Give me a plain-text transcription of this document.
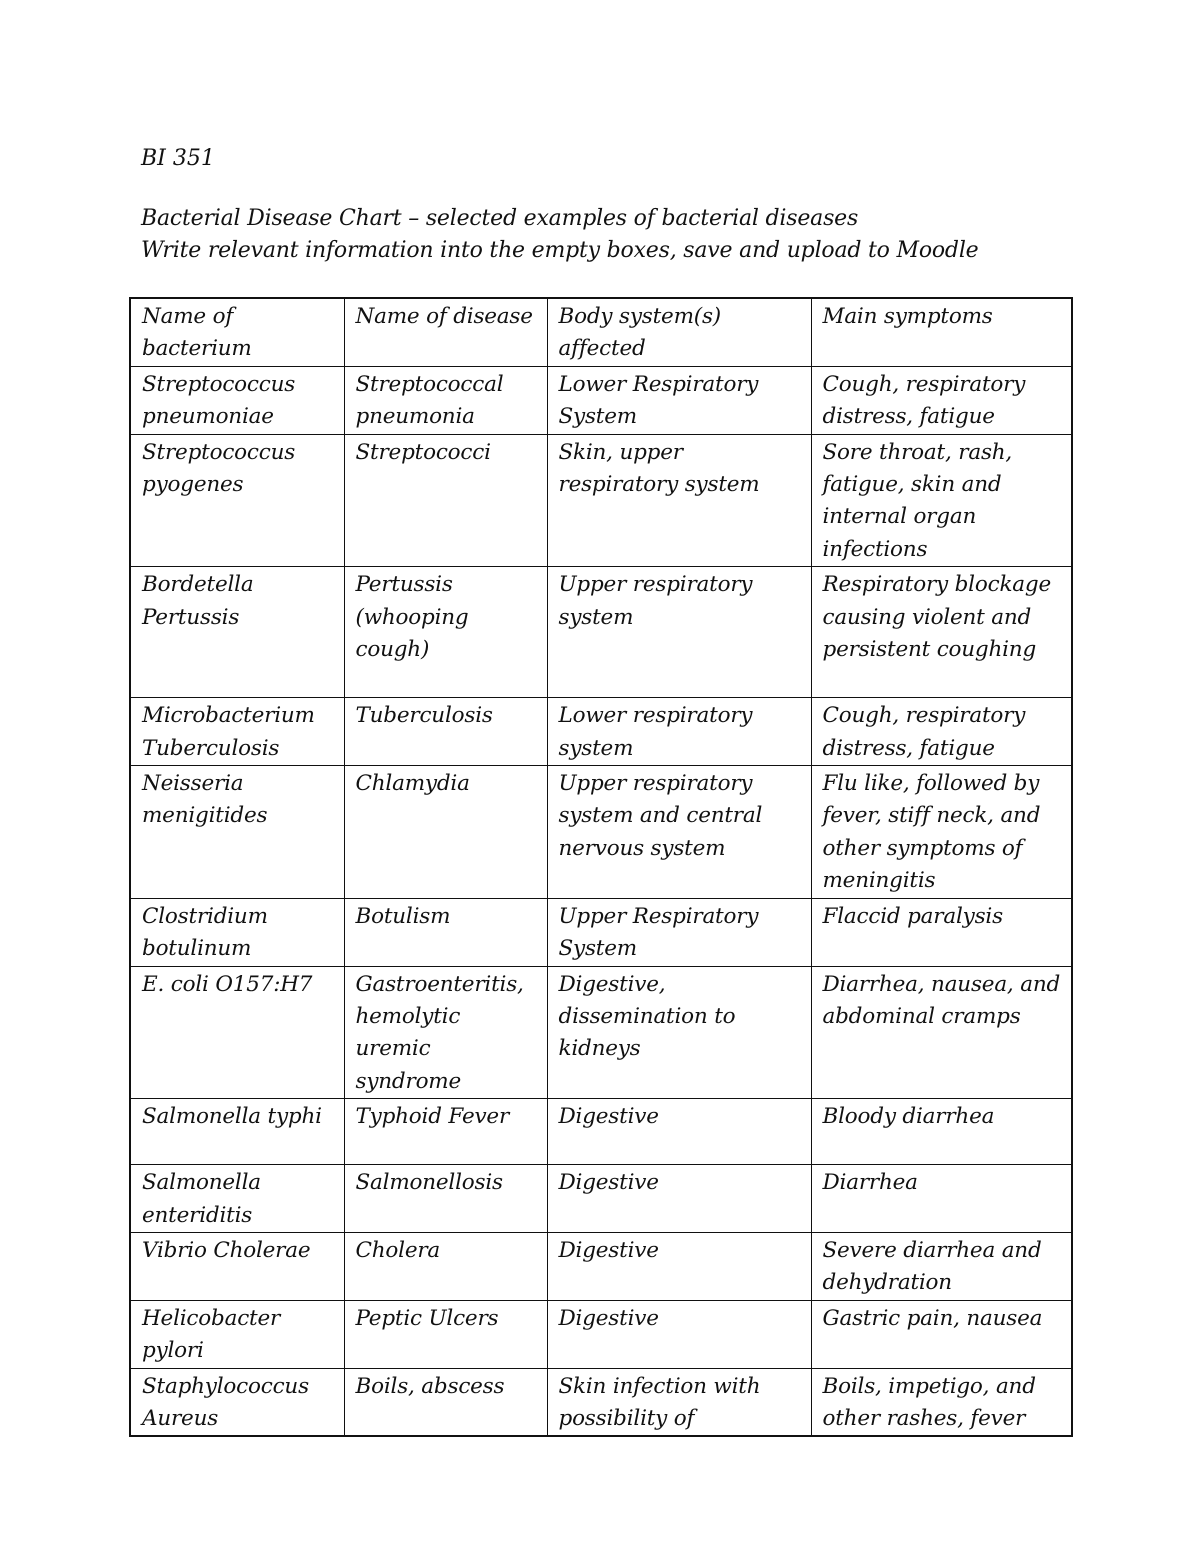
BI 351
Bacterial Disease Chart – selected examples of bacterial diseases
Write relevant information into the empty boxes, save and upload to Moodle
Name of bacterium	Name of disease	Body system(s) affected	Main symptoms

Streptococcus pneumoniae	Streptococcal pneumonia	Lower Respiratory System	Cough, respiratory distress, fatigue

Streptococcus pyogenes	Streptococci	Skin, upper respiratory system	Sore throat, rash, fatigue, skin and internal organ infections

Bordetella Pertussis	Pertussis (whooping cough)	Upper respiratory system	Respiratory blockage causing violent and persistent coughing

Microbacterium Tuberculosis	Tuberculosis	Lower respiratory system	Cough, respiratory distress, fatigue

Neisseria menigitides	Chlamydia	Upper respiratory system and central nervous system	Flu like, followed by fever, stiff neck, and other symptoms of meningitis

Clostridium botulinum	Botulism	Upper Respiratory System	Flaccid paralysis

E. coli O157:H7	Gastroenteritis, hemolytic uremic syndrome	Digestive, dissemination to kidneys	Diarrhea, nausea, and abdominal cramps

Salmonella typhi	Typhoid Fever	Digestive	Bloody diarrhea

Salmonella enteriditis	Salmonellosis	Digestive	Diarrhea

Vibrio Cholerae	Cholera	Digestive	Severe diarrhea and dehydration

Helicobacter pylori	Peptic Ulcers	Digestive	Gastric pain, nausea

Staphylococcus Aureus	Boils, abscess	Skin infection with possibility of	Boils, impetigo, and other rashes, fever
